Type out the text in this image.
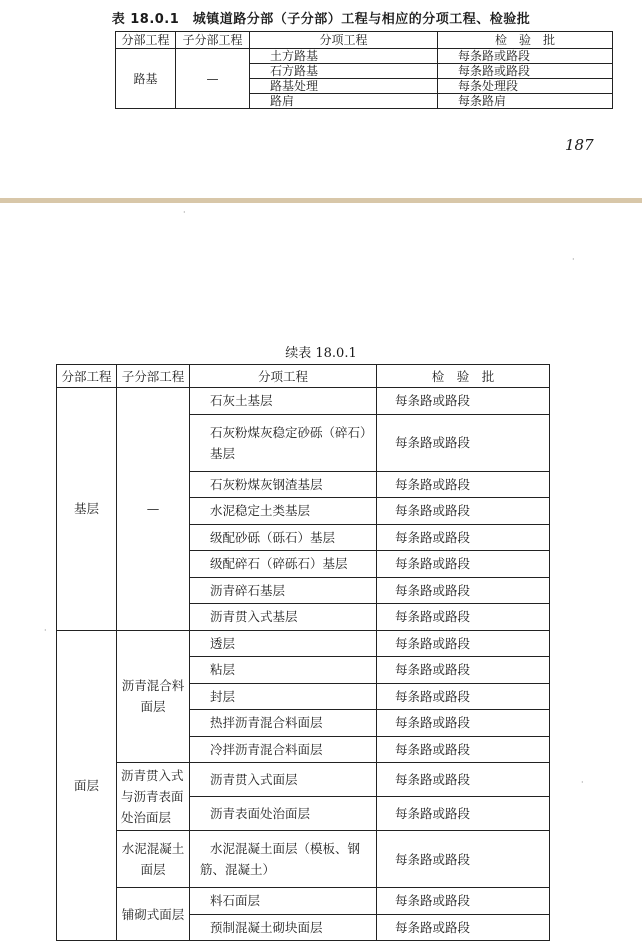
表 18.0.1　城镇道路分部（子分部）工程与相应的分项工程、检验批
分部工程	子分部工程	分项工程	检　验　批
路基	—	土方路基	每条路或路段
		石方路基	每条路或路段
		路基处理	每条处理段
		路肩	每条路肩
187
·
·
·
·
续表 18.0.1
分部工程	子分部工程	分项工程	检　验　批
基层	—	石灰土基层	每条路或路段
		石灰粉煤灰稳定砂砾（碎石）基层	每条路或路段
		石灰粉煤灰钢渣基层	每条路或路段
		水泥稳定土类基层	每条路或路段
		级配砂砾（砾石）基层	每条路或路段
		级配碎石（碎砾石）基层	每条路或路段
		沥青碎石基层	每条路或路段
		沥青贯入式基层	每条路或路段
面层	沥青混合料面层	透层	每条路或路段
		粘层	每条路或路段
		封层	每条路或路段
		热拌沥青混合料面层	每条路或路段
		冷拌沥青混合料面层	每条路或路段
	沥青贯入式与沥青表面处治面层	沥青贯入式面层	每条路或路段
		沥青表面处治面层	每条路或路段
	水泥混凝土面层	水泥混凝土面层（模板、钢筋、混凝土）	每条路或路段
	铺砌式面层	料石面层	每条路或路段
		预制混凝土砌块面层	每条路或路段
